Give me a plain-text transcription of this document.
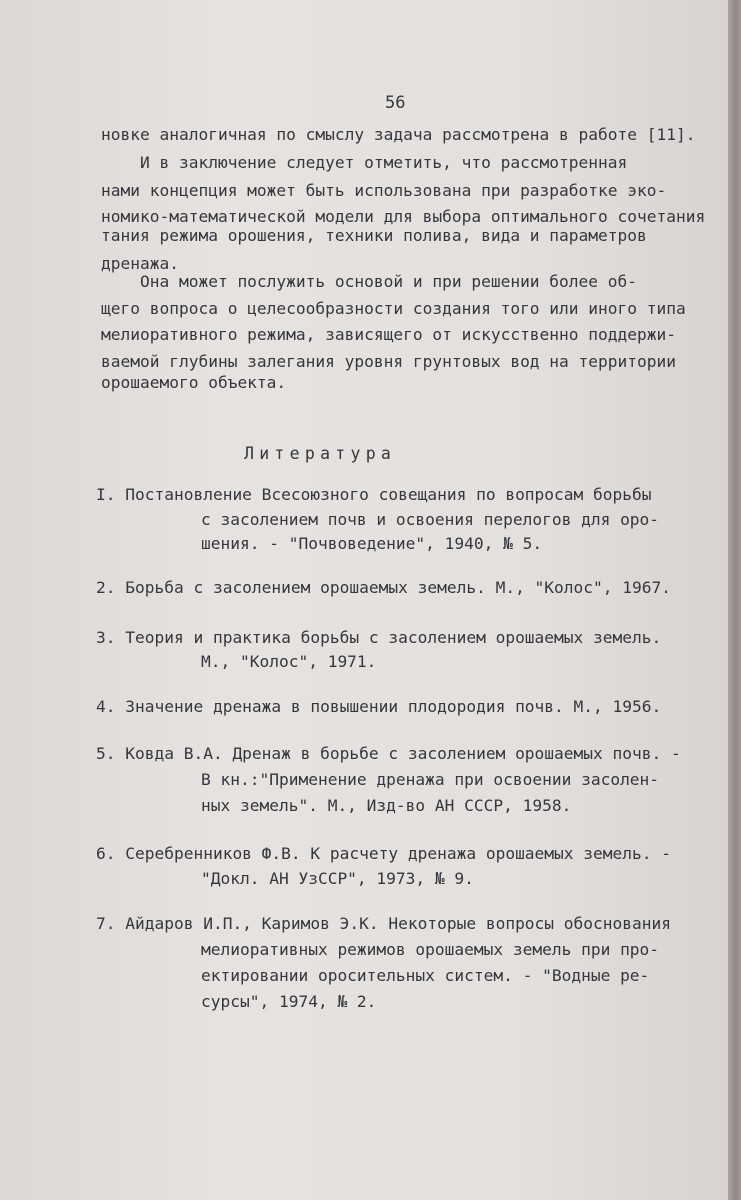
56
новке аналогичная по смыслу задача рассмотрена в работе [11].
И в заключение следует отметить, что рассмотренная
нами концепция может быть использована при разработке эко-
номико-математической модели для выбора оптимального сочетания
тания режима орошения, техники полива, вида и параметров
дренажа.
Она может послужить основой и при решении более об-
щего вопроса о целесообразности создания того или иного типа
мелиоративного режима, зависящего от искусственно поддержи-
ваемой глубины залегания уровня грунтовых вод на территории
орошаемого объекта.
Литература
I. Постановление Всесоюзного совещания по вопросам борьбы
с засолением почв и освоения перелогов для оро-
шения. - "Почвоведение", 1940, № 5.
2. Борьба с засолением орошаемых земель. М., "Колос", 1967.
3. Теория и практика борьбы с засолением орошаемых земель.
М., "Колос", 1971.
4. Значение дренажа в повышении плодородия почв. М., 1956.
5. Ковда В.А. Дренаж в борьбе с засолением орошаемых почв. -
В кн.:"Применение дренажа при освоении засолен-
ных земель". М., Изд-во АН СССР, 1958.
6. Серебренников Ф.В. К расчету дренажа орошаемых земель. -
"Докл. АН УзССР", 1973, № 9.
7. Айдаров И.П., Каримов Э.К. Некоторые вопросы обоснования
мелиоративных режимов орошаемых земель при про-
ектировании оросительных систем. - "Водные ре-
сурсы", 1974, № 2.
